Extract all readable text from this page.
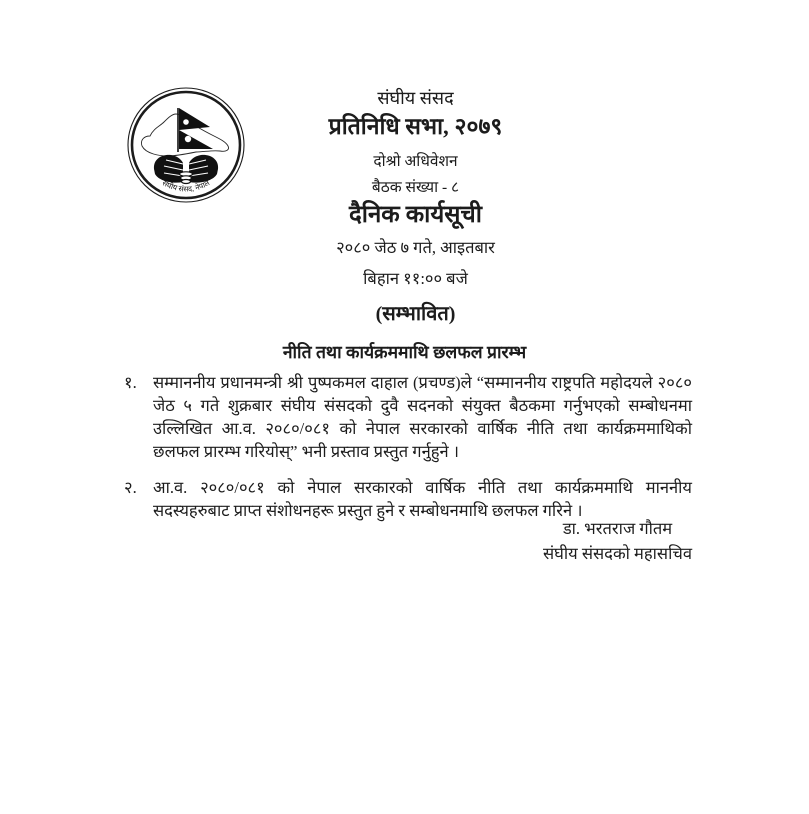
संघीय संसद, नेपाल
संघीय संसद
प्रतिनिधि सभा, २०७९
दोश्रो अधिवेशन
बैठक संख्या - ८
दैनिक कार्यसूची
२०८० जेठ ७ गते, आइतबार
बिहान ११:०० बजे
(सम्भावित)
नीति तथा कार्यक्रममाथि छलफल प्रारम्भ
१. सम्माननीय प्रधानमन्त्री श्री पुष्पकमल दाहाल (प्रचण्ड)ले “सम्माननीय राष्ट्रपति महोदयले २०८० जेठ ५ गते शुक्रबार संघीय संसदको दुवै सदनको संयुक्त बैठकमा गर्नुभएको सम्बोधनमा उल्लिखित आ.व. २०८०/०८१ को नेपाल सरकारको वार्षिक नीति तथा कार्यक्रममाथिको छलफल प्रारम्भ गरियोस्” भनी प्रस्ताव प्रस्तुत गर्नुहुने ।
२. आ.व. २०८०/०८१ को नेपाल सरकारको वार्षिक नीति तथा कार्यक्रममाथि माननीय सदस्यहरुबाट प्राप्त संशोधनहरू प्रस्तुत हुने र सम्बोधनमाथि छलफल गरिने ।
डा. भरतराज गौतम
संघीय संसदको महासचिव
